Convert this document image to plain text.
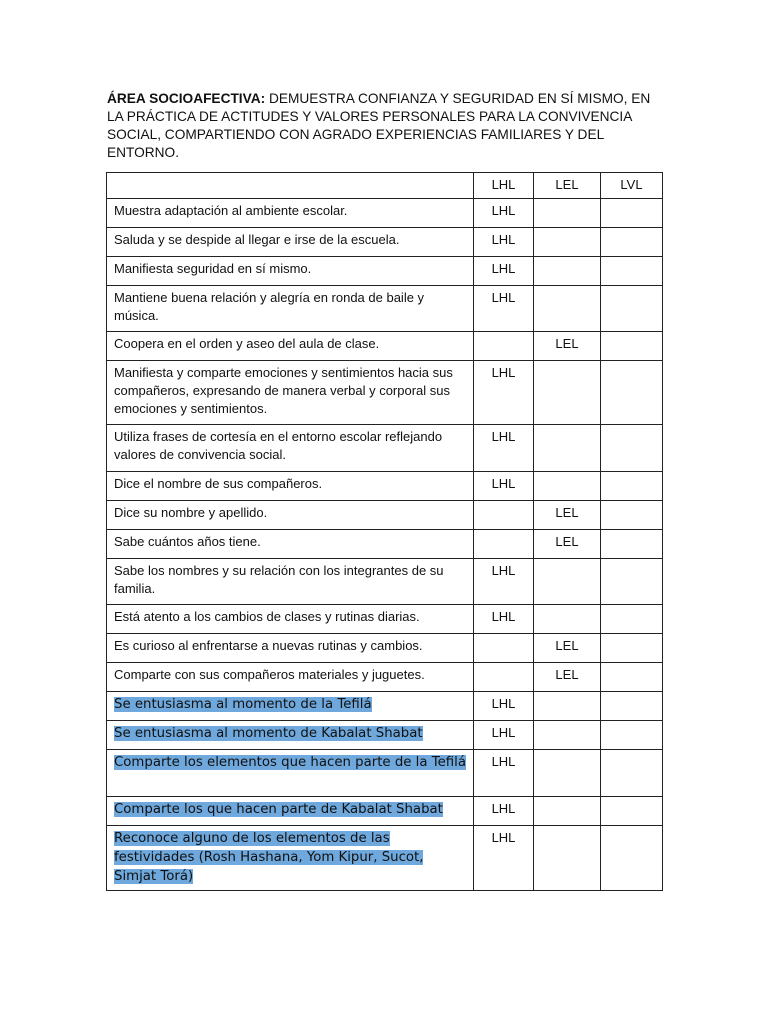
ÁREA SOCIOAFECTIVA: DEMUESTRA CONFIANZA Y SEGURIDAD EN SÍ MISMO, EN LA PRÁCTICA DE ACTITUDES Y VALORES PERSONALES PARA LA CONVIVENCIA SOCIAL, COMPARTIENDO CON AGRADO EXPERIENCIAS FAMILIARES Y DEL ENTORNO.

	LHL	LEL	LVL
Muestra adaptación al ambiente escolar.	LHL		
Saluda y se despide al llegar e irse de la escuela.	LHL		
Manifiesta seguridad en sí mismo.	LHL		
Mantiene buena relación y alegría en ronda de baile y música.	LHL		
Coopera en el orden y aseo del aula de clase.		LEL	
Manifiesta y comparte emociones y sentimientos hacia sus compañeros, expresando de manera verbal y corporal sus emociones y sentimientos.	LHL		
Utiliza frases de cortesía en el entorno escolar reflejando valores de convivencia social.	LHL		
Dice el nombre de sus compañeros.	LHL		
Dice su nombre y apellido.		LEL	
Sabe cuántos años tiene.		LEL	
Sabe los nombres y su relación con los integrantes de su familia.	LHL		
Está atento a los cambios de clases y rutinas diarias.	LHL		
Es curioso al enfrentarse a nuevas rutinas y cambios.		LEL	
Comparte con sus compañeros materiales y juguetes.		LEL	
Se entusiasma al momento de la Tefilá	LHL		
Se entusiasma al momento de Kabalat Shabat	LHL		
Comparte los elementos que hacen parte de la Tefilá	LHL		
Comparte los que hacen parte de Kabalat Shabat	LHL		
Reconoce alguno de los elementos de las festividades (Rosh Hashana, Yom Kipur, Sucot, Simjat Torá)	LHL		
